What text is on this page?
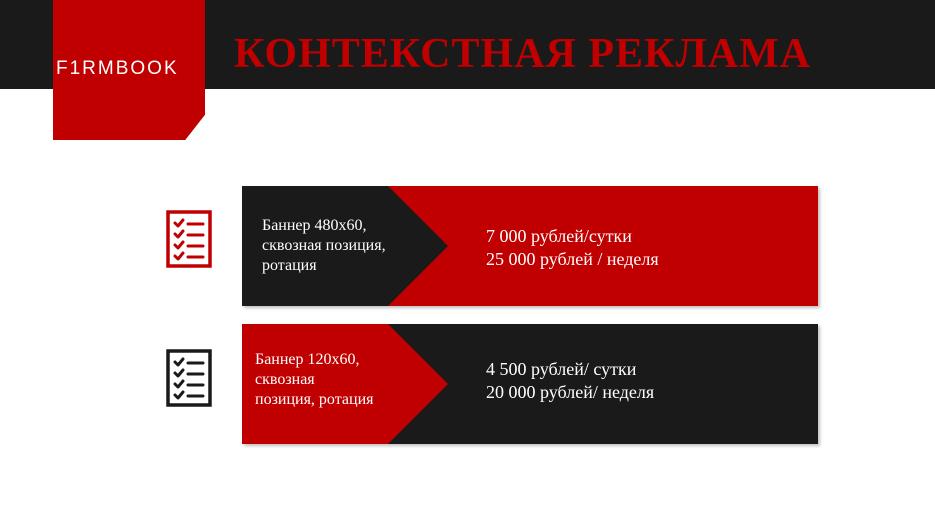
F1RMBOOK	КОНТЕКСТНАЯ РЕКЛАМА
Баннер 480х60,
сквозная позиция,
ротация
7 000 рублей/сутки
25 000 рублей / неделя
Баннер 120х60,
сквозная
позиция, ротация
4 500 рублей/ сутки
20 000 рублей/ неделя
